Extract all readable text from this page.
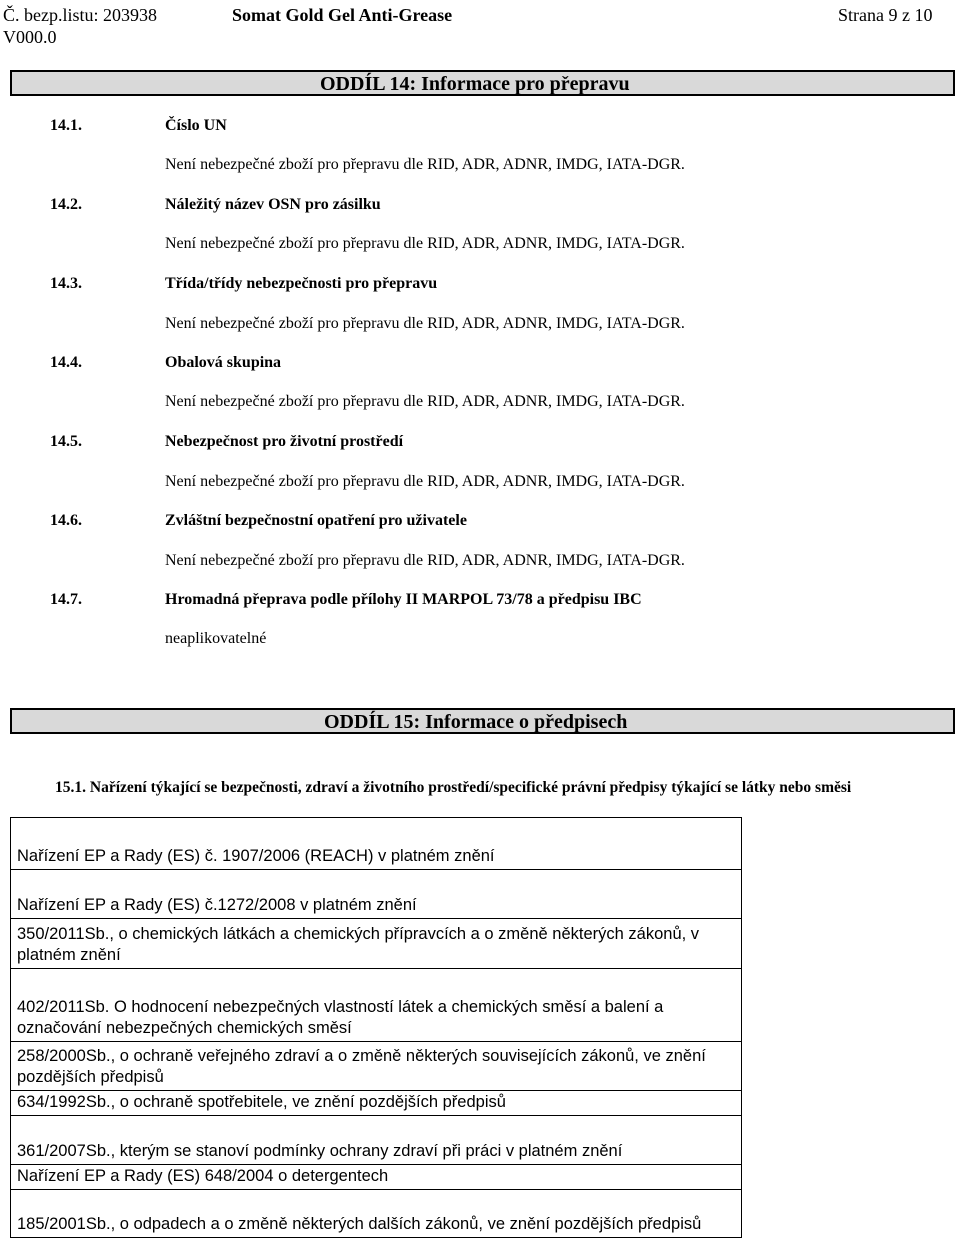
Č. bezp.listu: 203938
V000.0
Somat Gold Gel Anti-Grease	Strana 9 z 10
ODDÍL 14: Informace pro přepravu
14.1.	Číslo UN
Není nebezpečné zboží pro přepravu dle RID, ADR, ADNR, IMDG, IATA-DGR.
14.2.	Náležitý název OSN pro zásilku
Není nebezpečné zboží pro přepravu dle RID, ADR, ADNR, IMDG, IATA-DGR.
14.3.	Třída/třídy nebezpečnosti pro přepravu
Není nebezpečné zboží pro přepravu dle RID, ADR, ADNR, IMDG, IATA-DGR.
14.4.	Obalová skupina
Není nebezpečné zboží pro přepravu dle RID, ADR, ADNR, IMDG, IATA-DGR.
14.5.	Nebezpečnost pro životní prostředí
Není nebezpečné zboží pro přepravu dle RID, ADR, ADNR, IMDG, IATA-DGR.
14.6.	Zvláštní bezpečnostní opatření pro uživatele
Není nebezpečné zboží pro přepravu dle RID, ADR, ADNR, IMDG, IATA-DGR.
14.7.	Hromadná přeprava podle přílohy II MARPOL 73/78 a předpisu IBC
neaplikovatelné
ODDÍL 15: Informace o předpisech
15.1. Nařízení týkající se bezpečnosti, zdraví a životního prostředí/specifické právní předpisy týkající se látky nebo směsi
Nařízení EP a Rady (ES) č. 1907/2006 (REACH) v platném znění
Nařízení EP a Rady (ES) č.1272/2008 v platném znění
350/2011Sb., o chemických látkách a chemických přípravcích a o změně některých zákonů, v platném znění
402/2011Sb. O hodnocení nebezpečných vlastností látek a chemických směsí a balení a označování nebezpečných chemických směsí
258/2000Sb., o ochraně veřejného zdraví a o změně některých souvisejících zákonů, ve znění pozdějších předpisů
634/1992Sb., o ochraně spotřebitele, ve znění pozdějších předpisů
361/2007Sb., kterým se stanoví podmínky ochrany zdraví při práci v platném znění
Nařízení EP a Rady (ES) 648/2004 o detergentech
185/2001Sb., o odpadech a o změně některých dalších zákonů, ve znění pozdějších předpisů
